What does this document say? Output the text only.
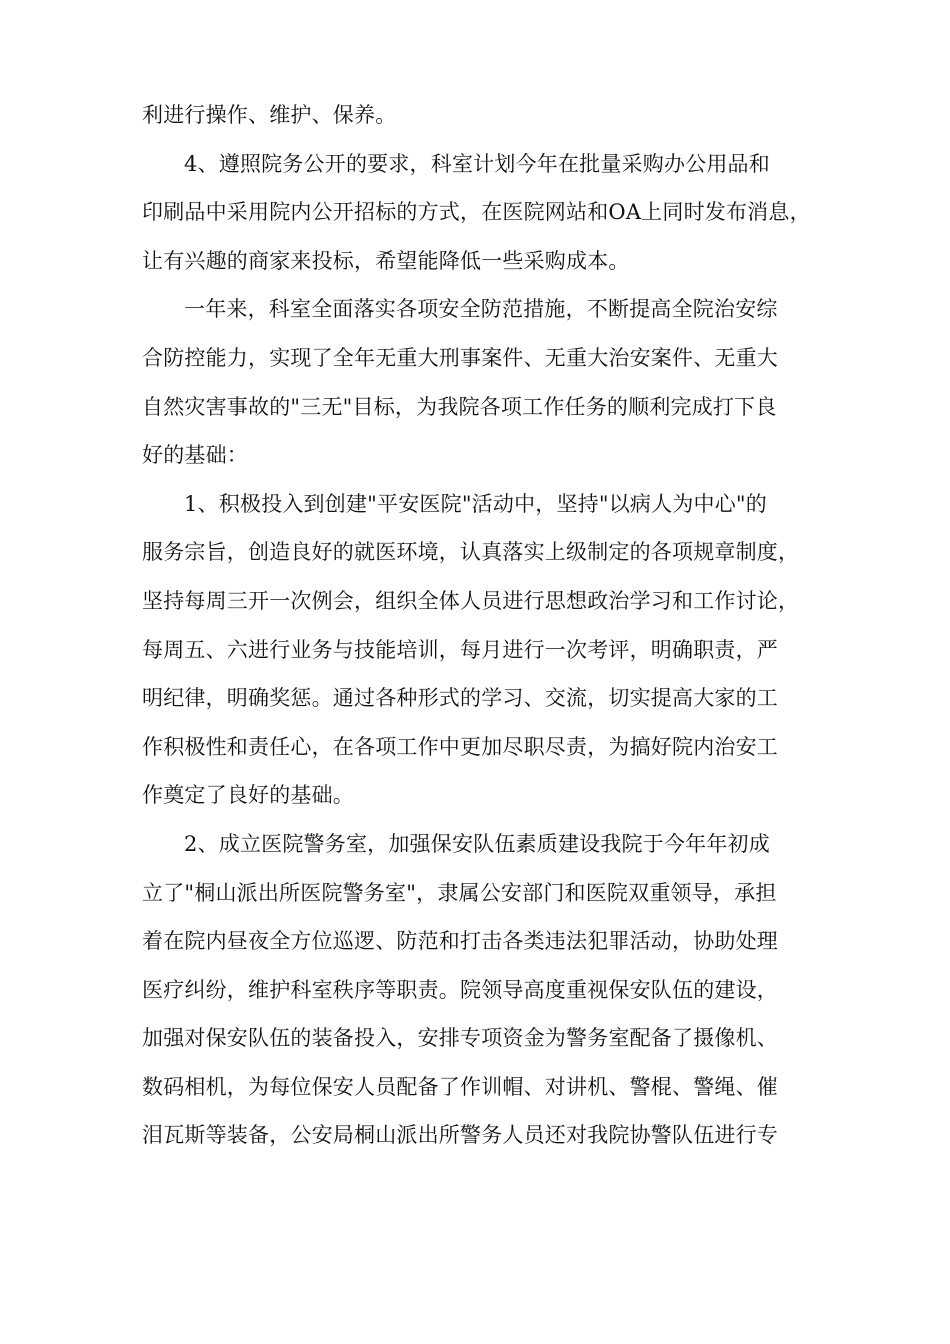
利进行操作、维护、保养。
4、遵照院务公开的要求，科室计划今年在批量采购办公用品和
印刷品中采用院内公开招标的方式，在医院网站和OA上同时发布消息，
让有兴趣的商家来投标，希望能降低一些采购成本。
一年来，科室全面落实各项安全防范措施，不断提高全院治安综
合防控能力，实现了全年无重大刑事案件、无重大治安案件、无重大
自然灾害事故的"三无"目标，为我院各项工作任务的顺利完成打下良
好的基础：
1、积极投入到创建"平安医院"活动中，坚持"以病人为中心"的
服务宗旨，创造良好的就医环境，认真落实上级制定的各项规章制度，
坚持每周三开一次例会，组织全体人员进行思想政治学习和工作讨论，
每周五、六进行业务与技能培训，每月进行一次考评，明确职责，严
明纪律，明确奖惩。通过各种形式的学习、交流，切实提高大家的工
作积极性和责任心，在各项工作中更加尽职尽责，为搞好院内治安工
作奠定了良好的基础。
2、成立医院警务室，加强保安队伍素质建设我院于今年年初成
立了"桐山派出所医院警务室"，隶属公安部门和医院双重领导，承担
着在院内昼夜全方位巡逻、防范和打击各类违法犯罪活动，协助处理
医疗纠纷，维护科室秩序等职责。院领导高度重视保安队伍的建设，
加强对保安队伍的装备投入，安排专项资金为警务室配备了摄像机、
数码相机，为每位保安人员配备了作训帽、对讲机、警棍、警绳、催
泪瓦斯等装备，公安局桐山派出所警务人员还对我院协警队伍进行专
